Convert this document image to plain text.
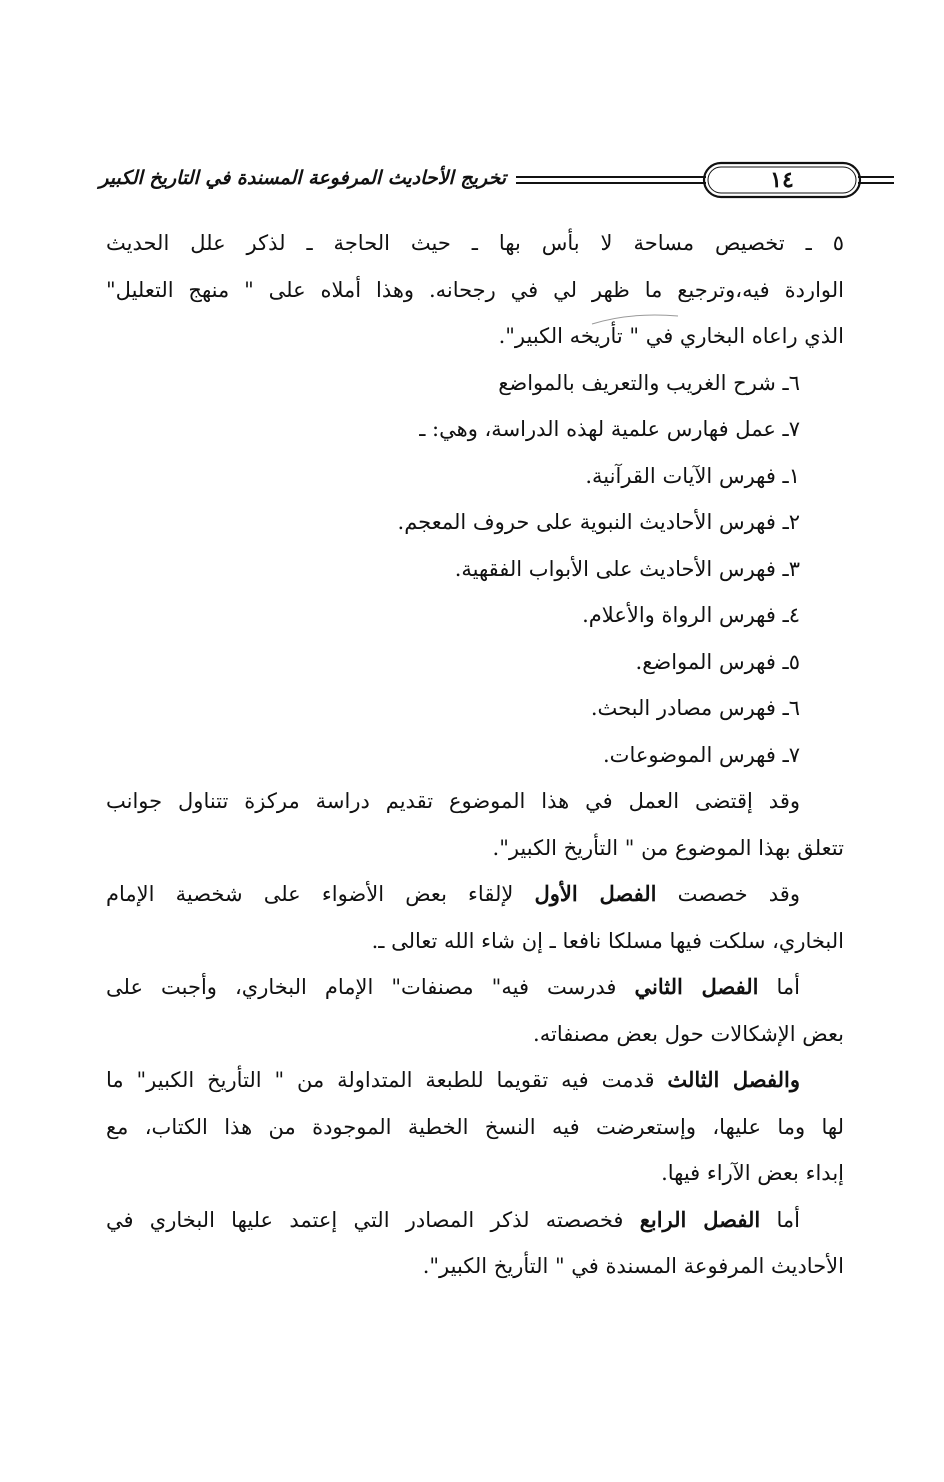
١٤
تخريج الأحاديث المرفوعة المسندة في التاريخ الكبير
٥ ـ تخصيص مساحة لا بأس بها ـ حيث الحاجة ـ لذكر علل الحديث
الواردة فيه،وترجيع ما ظهر لي في رجحانه. وهذا أملاه على " منهج التعليل"
الذي راعاه البخاري في " تأريخه الكبير".
٦ـ شرح الغريب والتعريف بالمواضع
٧ـ عمل فهارس علمية لهذه الدراسة، وهي: ـ
١ـ فهرس الآيات القرآنية.
٢ـ فهرس الأحاديث النبوية على حروف المعجم.
٣ـ فهرس الأحاديث على الأبواب الفقهية.
٤ـ فهرس الرواة والأعلام.
٥ـ فهرس المواضع.
٦ـ فهرس مصادر البحث.
٧ـ فهرس الموضوعات.
وقد إقتضى العمل في هذا الموضوع تقديم دراسة مركزة تتناول جوانب
تتعلق بهذا الموضوع من " التأريخ الكبير".
وقد خصصت الفصل الأول لإلقاء بعض الأضواء على شخصية الإمام
البخاري، سلكت فيها مسلكا نافعا ـ إن شاء الله تعالى ـ.
أما الفصل الثاني فدرست فيه" مصنفات" الإمام البخاري، وأجبت على
بعض الإشكالات حول بعض مصنفاته.
والفصل الثالث قدمت فيه تقويما للطبعة المتداولة من " التأريخ الكبير" ما
لها وما عليها، وإستعرضت فيه النسخ الخطية الموجودة من هذا الكتاب، مع
إبداء بعض الآراء فيها.
أما الفصل الرابع فخصصته لذكر المصادر التي إعتمد عليها البخاري في
الأحاديث المرفوعة المسندة في " التأريخ الكبير".
